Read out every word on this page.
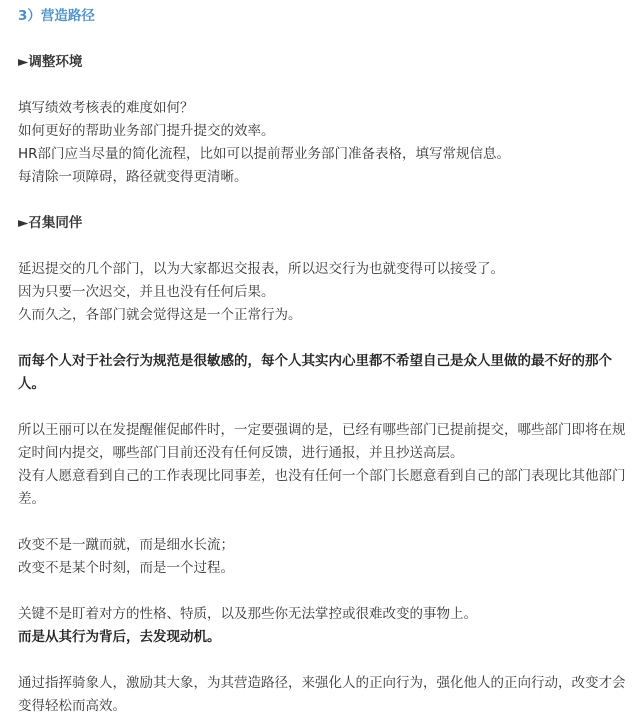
3）营造路径
►调整环境
填写绩效考核表的难度如何？
如何更好的帮助业务部门提升提交的效率。
HR部门应当尽量的简化流程，比如可以提前帮业务部门准备表格，填写常规信息。
每清除一项障碍，路径就变得更清晰。
►召集同伴
延迟提交的几个部门，以为大家都迟交报表，所以迟交行为也就变得可以接受了。
因为只要一次迟交，并且也没有任何后果。
久而久之，各部门就会觉得这是一个正常行为。
而每个人对于社会行为规范是很敏感的，每个人其实内心里都不希望自己是众人里做的最不好的那个
人。
所以王丽可以在发提醒催促邮件时，一定要强调的是，已经有哪些部门已提前提交，哪些部门即将在规
定时间内提交，哪些部门目前还没有任何反馈，进行通报，并且抄送高层。
没有人愿意看到自己的工作表现比同事差，也没有任何一个部门长愿意看到自己的部门表现比其他部门
差。
改变不是一蹴而就，而是细水长流；
改变不是某个时刻，而是一个过程。
关键不是盯着对方的性格、特质，以及那些你无法掌控或很难改变的事物上。
而是从其行为背后，去发现动机。
通过指挥骑象人，激励其大象，为其营造路径，来强化人的正向行为，强化他人的正向行动，改变才会
变得轻松而高效。
